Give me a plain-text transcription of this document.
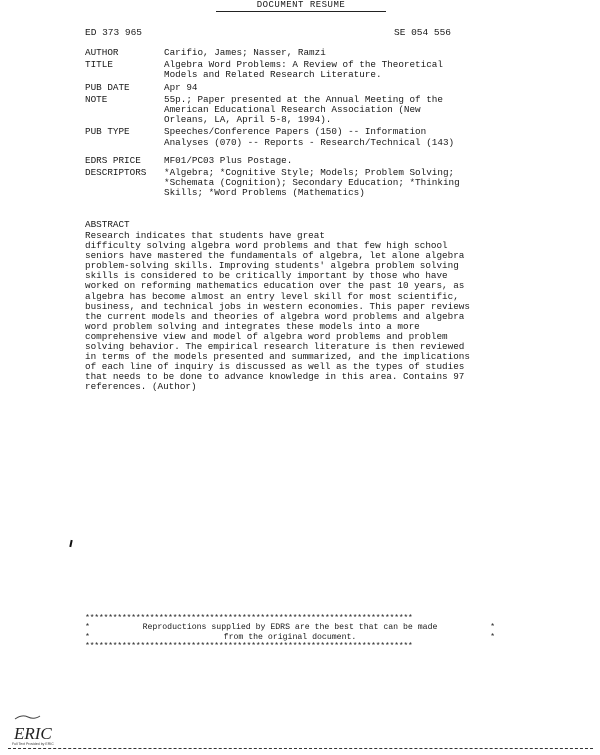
DOCUMENT RESUME
ED 373 965	SE 054 556
AUTHOR	Carifio, James; Nasser, Ramzi
TITLE	Algebra Word Problems: A Review of the Theoretical
Models and Related Research Literature.
PUB DATE	Apr 94
NOTE	55p.; Paper presented at the Annual Meeting of the
American Educational Research Association (New
Orleans, LA, April 5-8, 1994).
PUB TYPE	Speeches/Conference Papers (150) -- Information
Analyses (070) -- Reports - Research/Technical (143)
EDRS PRICE	MF01/PC03 Plus Postage.
DESCRIPTORS	*Algebra; *Cognitive Style; Models; Problem Solving;
*Schemata (Cognition); Secondary Education; *Thinking
Skills; *Word Problems (Mathematics)
ABSTRACT
Research indicates that students have great
difficulty solving algebra word problems and that few high school
seniors have mastered the fundamentals of algebra, let alone algebra
problem-solving skills. Improving students' algebra problem solving
skills is considered to be critically important by those who have
worked on reforming mathematics education over the past 10 years, as
algebra has become almost an entry level skill for most scientific,
business, and technical jobs in western economies. This paper reviews
the current models and theories of algebra word problems and algebra
word problem solving and integrates these models into a more
comprehensive view and model of algebra word problems and problem
solving behavior. The empirical research literature is then reviewed
in terms of the models presented and summarized, and the implications
of each line of inquiry is discussed as well as the types of studies
that needs to be done to advance knowledge in this area. Contains 97
references. (Author)
***********************************************************************
*	Reproductions supplied by EDRS are the best that can be made	*
*	from the original document.	*
***********************************************************************
ERIC
Full Text Provided by ERIC
